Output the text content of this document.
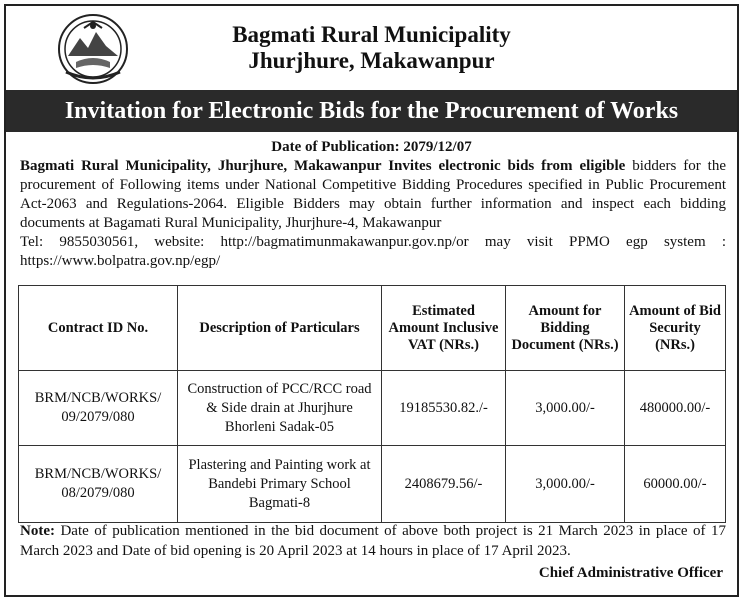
Bagmati Rural Municipality
Jhurjhure, Makawanpur
Invitation for Electronic Bids for the Procurement of Works
Date of Publication: 2079/12/07
Bagmati Rural Municipality, Jhurjhure, Makawanpur Invites electronic bids from eligible bidders for the procurement of Following items under National Competitive Bidding Procedures specified in Public Procurement Act-2063 and Regulations-2064. Eligible Bidders may obtain further information and inspect each bidding documents at Bagamati Rural Municipality, Jhurjhure-4, Makawanpur
Tel: 9855030561, website: http://bagmatimunmakawanpur.gov.np/or may visit PPMO egp system : https://www.bolpatra.gov.np/egp/
Contract ID No.	Description of Particulars	Estimated Amount Inclusive VAT (NRs.)	Amount for Bidding Document (NRs.)	Amount of Bid Security (NRs.)
BRM/NCB/WORKS/ 09/2079/080	Construction of PCC/RCC road & Side drain at Jhurjhure Bhorleni Sadak-05	19185530.82./-	3,000.00/-	480000.00/-
BRM/NCB/WORKS/ 08/2079/080	Plastering and Painting work at Bandebi Primary School Bagmati-8	2408679.56/-	3,000.00/-	60000.00/-
Note: Date of publication mentioned in the bid document of above both project is 21 March 2023 in place of 17 March 2023 and Date of bid opening is 20 April 2023 at 14 hours in place of 17 April 2023.
Chief Administrative Officer
